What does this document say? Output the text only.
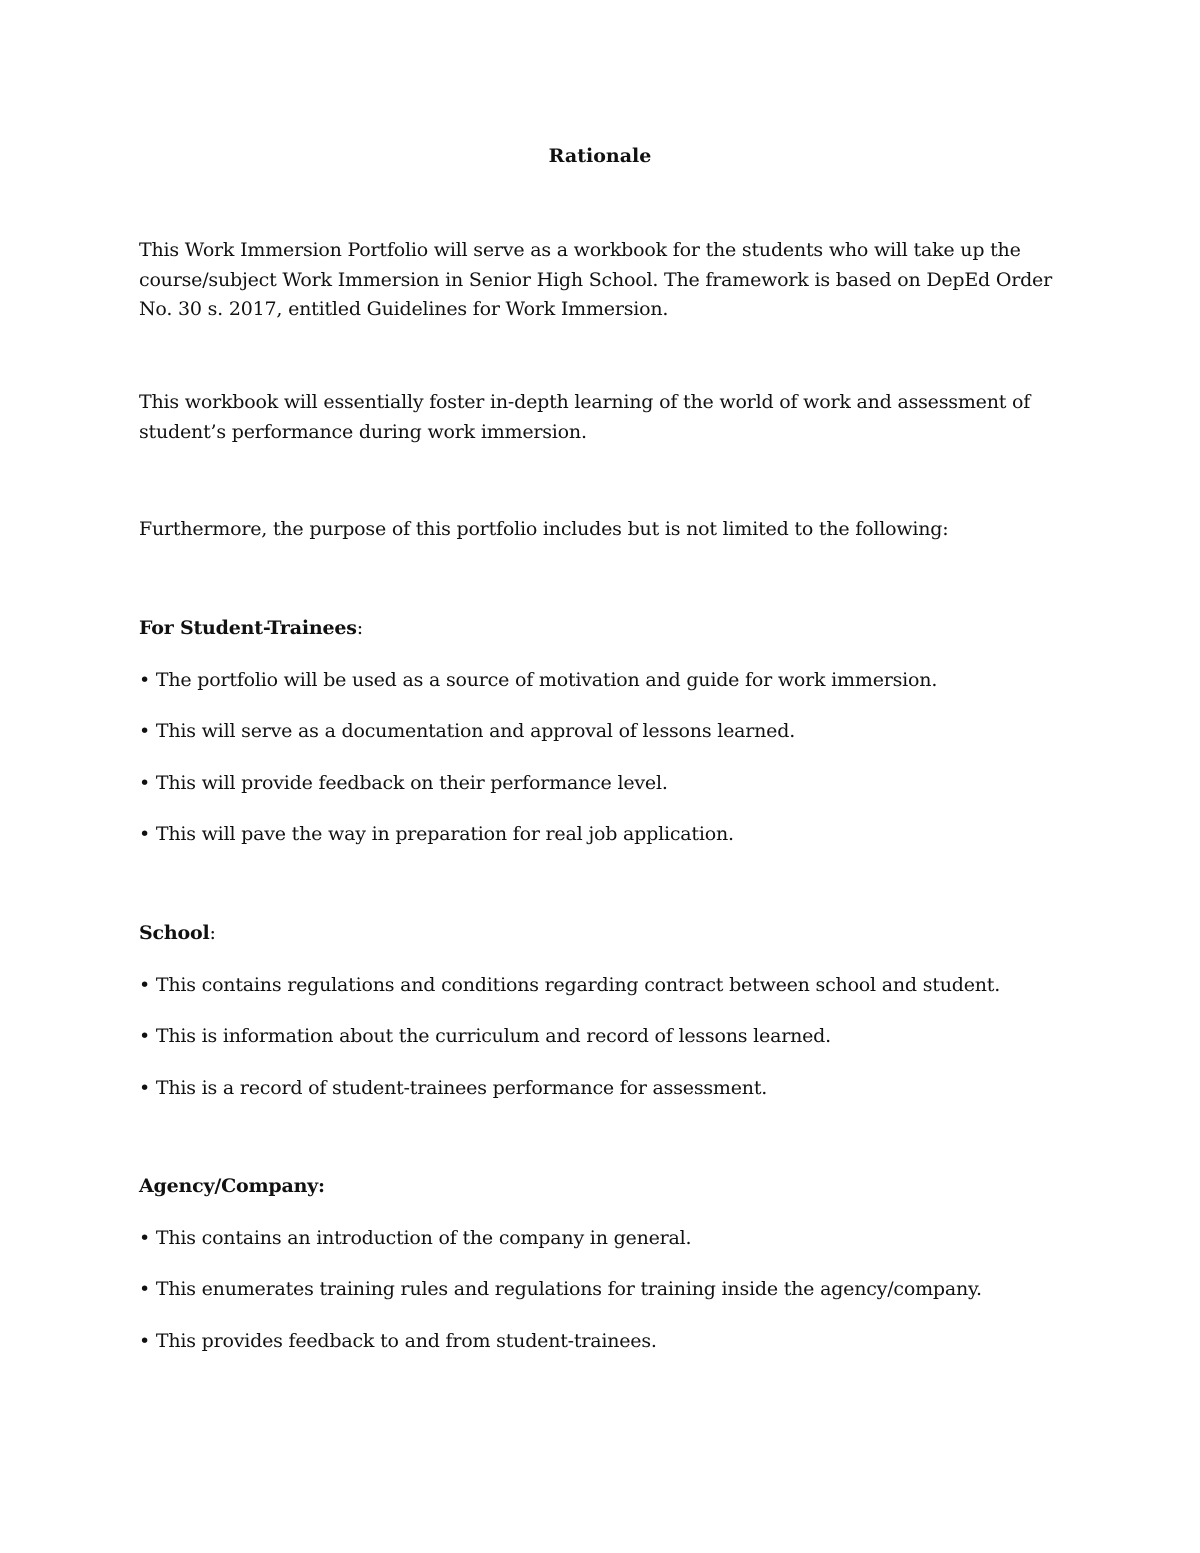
Rationale
This Work Immersion Portfolio will serve as a workbook for the students who will take up the course/subject Work Immersion in Senior High School. The framework is based on DepEd Order No. 30 s. 2017, entitled Guidelines for Work Immersion.
This workbook will essentially foster in-depth learning of the world of work and assessment of student’s performance during work immersion.
Furthermore, the purpose of this portfolio includes but is not limited to the following:
For Student-Trainees:
• The portfolio will be used as a source of motivation and guide for work immersion.
• This will serve as a documentation and approval of lessons learned.
• This will provide feedback on their performance level.
• This will pave the way in preparation for real job application.
School:
• This contains regulations and conditions regarding contract between school and student.
• This is information about the curriculum and record of lessons learned.
• This is a record of student-trainees performance for assessment.
Agency/Company:
• This contains an introduction of the company in general.
• This enumerates training rules and regulations for training inside the agency/company.
• This provides feedback to and from student-trainees.
